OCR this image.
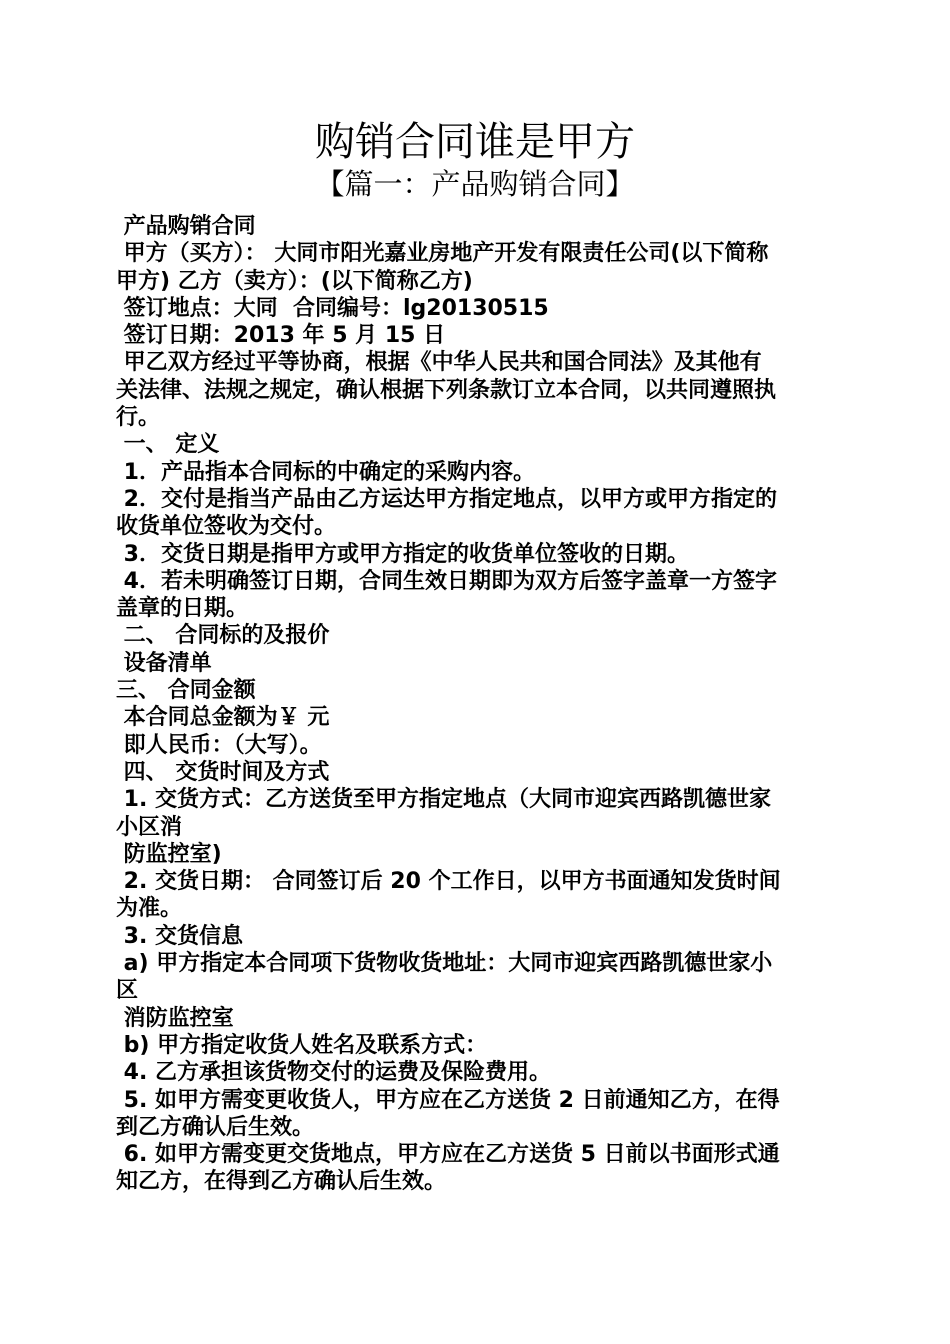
购销合同谁是甲方
【篇一：产品购销合同】
产品购销合同
甲方（买方）： 大同市阳光嘉业房地产开发有限责任公司(以下简称
甲方) 乙方（卖方）：(以下简称乙方)
签订地点：大同  合同编号：lg20130515
签订日期：2013 年 5 月 15 日
甲乙双方经过平等协商，根据《中华人民共和国合同法》及其他有
关法律、法规之规定，确认根据下列条款订立本合同，以共同遵照执
行。
一、 定义
1．产品指本合同标的中确定的采购内容。
2．交付是指当产品由乙方运达甲方指定地点，以甲方或甲方指定的
收货单位签收为交付。
3．交货日期是指甲方或甲方指定的收货单位签收的日期。
4．若未明确签订日期，合同生效日期即为双方后签字盖章一方签字
盖章的日期。
二、 合同标的及报价
设备清单
三、 合同金额
本合同总金额为￥ 元
即人民币：（大写）。
四、 交货时间及方式
1. 交货方式：乙方送货至甲方指定地点（大同市迎宾西路凯德世家
小区消
防监控室)
2. 交货日期： 合同签订后 20 个工作日，以甲方书面通知发货时间
为准。
3. 交货信息
a) 甲方指定本合同项下货物收货地址：大同市迎宾西路凯德世家小
区
消防监控室
b) 甲方指定收货人姓名及联系方式：
4. 乙方承担该货物交付的运费及保险费用。
5. 如甲方需变更收货人，甲方应在乙方送货 2 日前通知乙方，在得
到乙方确认后生效。
6. 如甲方需变更交货地点，甲方应在乙方送货 5 日前以书面形式通
知乙方，在得到乙方确认后生效。
